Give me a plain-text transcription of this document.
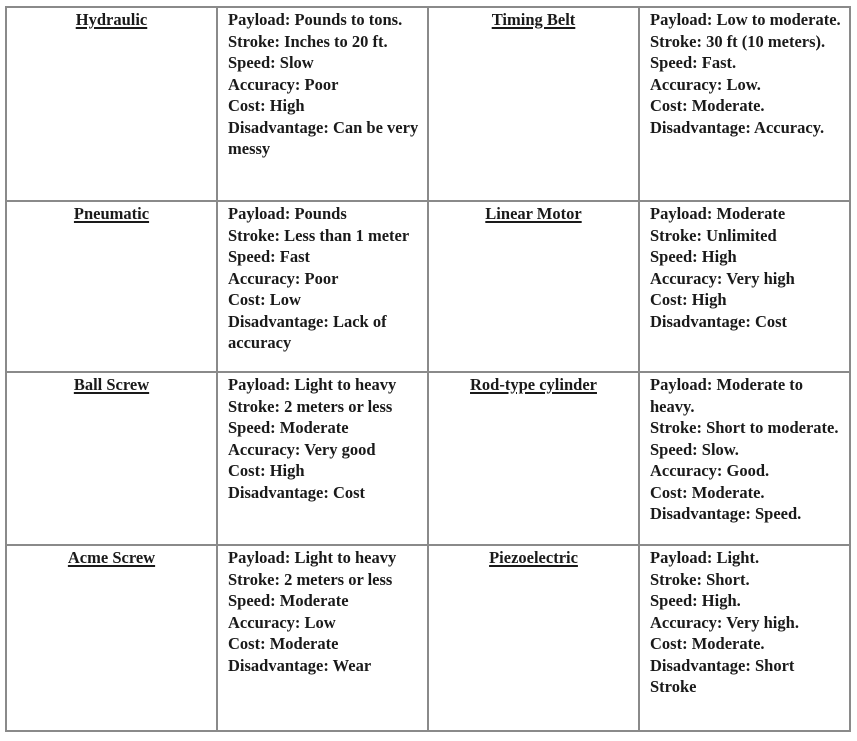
Hydraulic	Payload: Pounds to tons.
Stroke: Inches to 20 ft.
Speed: Slow
Accuracy: Poor
Cost: High
Disadvantage: Can be very messy
	Timing Belt	Payload: Low to moderate.
Stroke: 30 ft (10 meters).
Speed: Fast.
Accuracy: Low.
Cost: Moderate.
Disadvantage: Accuracy.

Pneumatic	Payload: Pounds
Stroke: Less than 1 meter
Speed: Fast
Accuracy: Poor
Cost: Low
Disadvantage: Lack of accuracy
	Linear Motor	Payload: Moderate
Stroke: Unlimited
Speed: High
Accuracy: Very high
Cost: High
Disadvantage: Cost

Ball Screw	Payload: Light to heavy
Stroke: 2 meters or less
Speed: Moderate
Accuracy: Very good
Cost: High
Disadvantage: Cost
	Rod-type cylinder	Payload: Moderate to heavy.
Stroke: Short to moderate.
Speed: Slow.
Accuracy: Good.
Cost: Moderate.
Disadvantage: Speed.

Acme Screw	Payload: Light to heavy
Stroke: 2 meters or less
Speed: Moderate
Accuracy: Low
Cost: Moderate
Disadvantage: Wear
	Piezoelectric	Payload: Light.
Stroke: Short.
Speed: High.
Accuracy: Very high.
Cost: Moderate.
Disadvantage: Short Stroke
